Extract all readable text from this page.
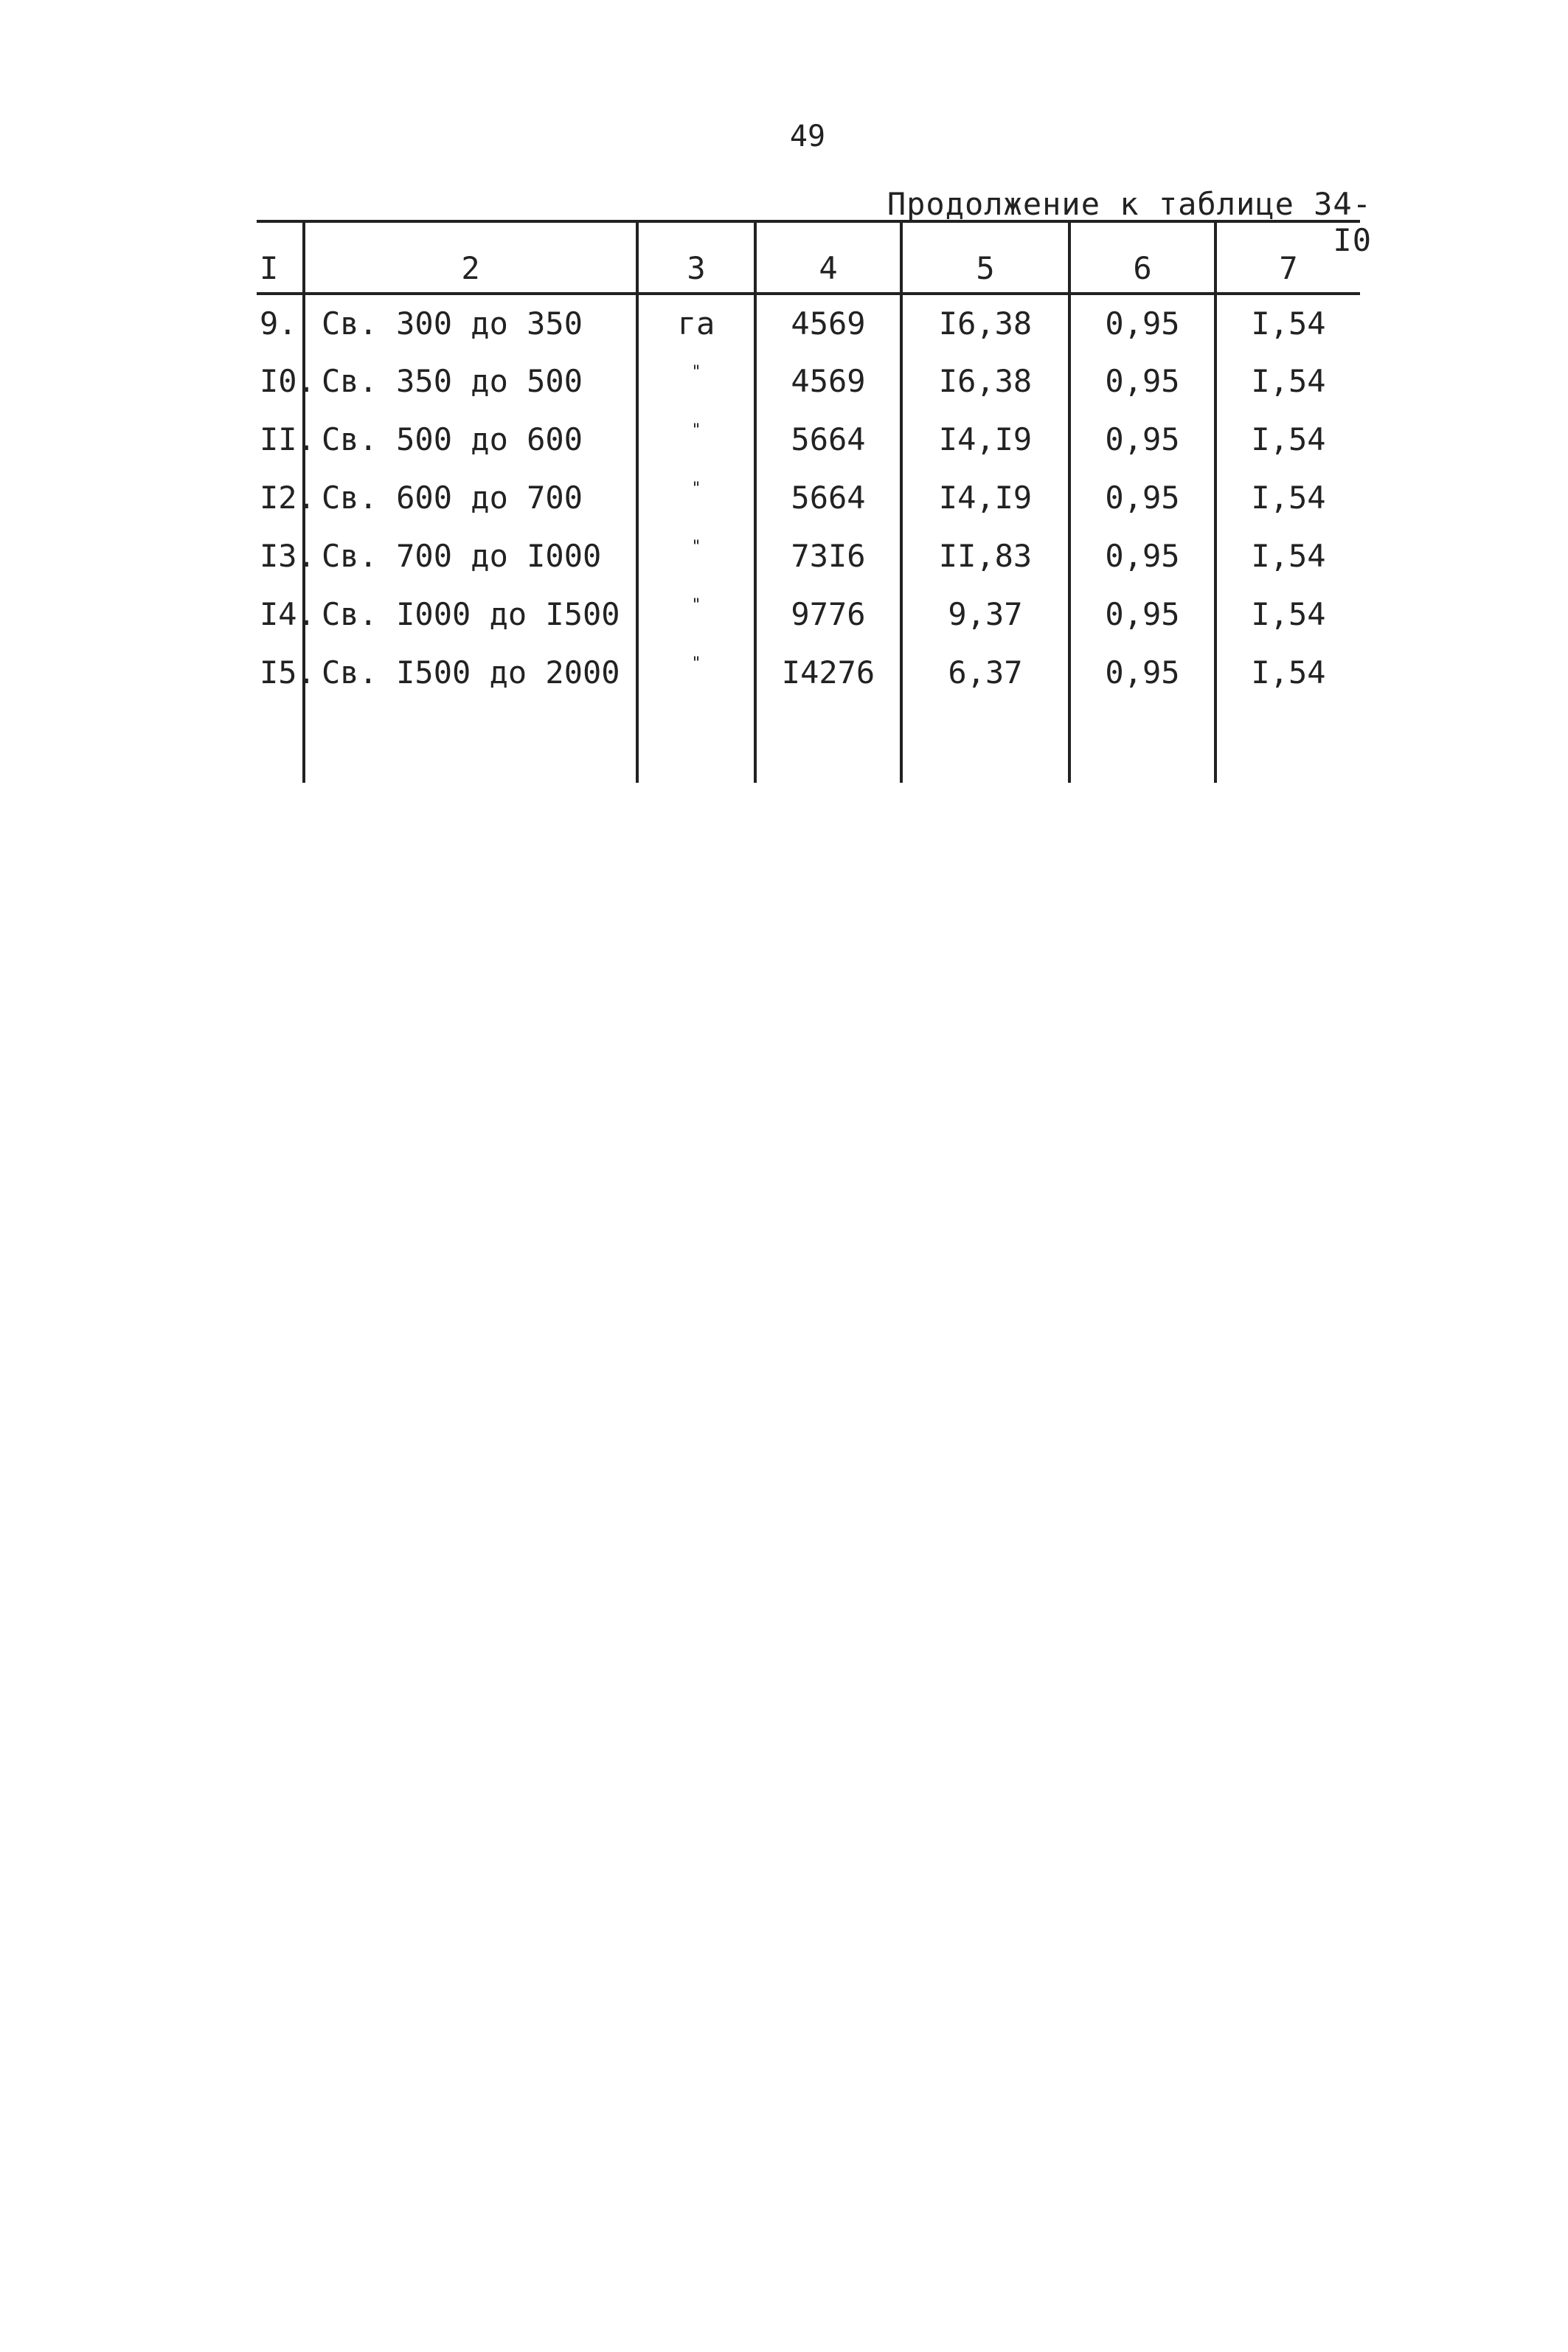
49
Продолжение к таблице 34-I0
I	2	3	4	5	6	7
9.	Св. 300 до 350	га	4569	I6,38	0,95	I,54
I0.	Св. 350 до 500	"	4569	I6,38	0,95	I,54
II.	Св. 500 до 600	"	5664	I4,I9	0,95	I,54
I2.	Св. 600 до 700	"	5664	I4,I9	0,95	I,54
I3.	Св. 700 до I000	"	73I6	II,83	0,95	I,54
I4.	Св. I000 до I500	"	9776	9,37	0,95	I,54
I5.	Св. I500 до 2000	"	I4276	6,37	0,95	I,54
